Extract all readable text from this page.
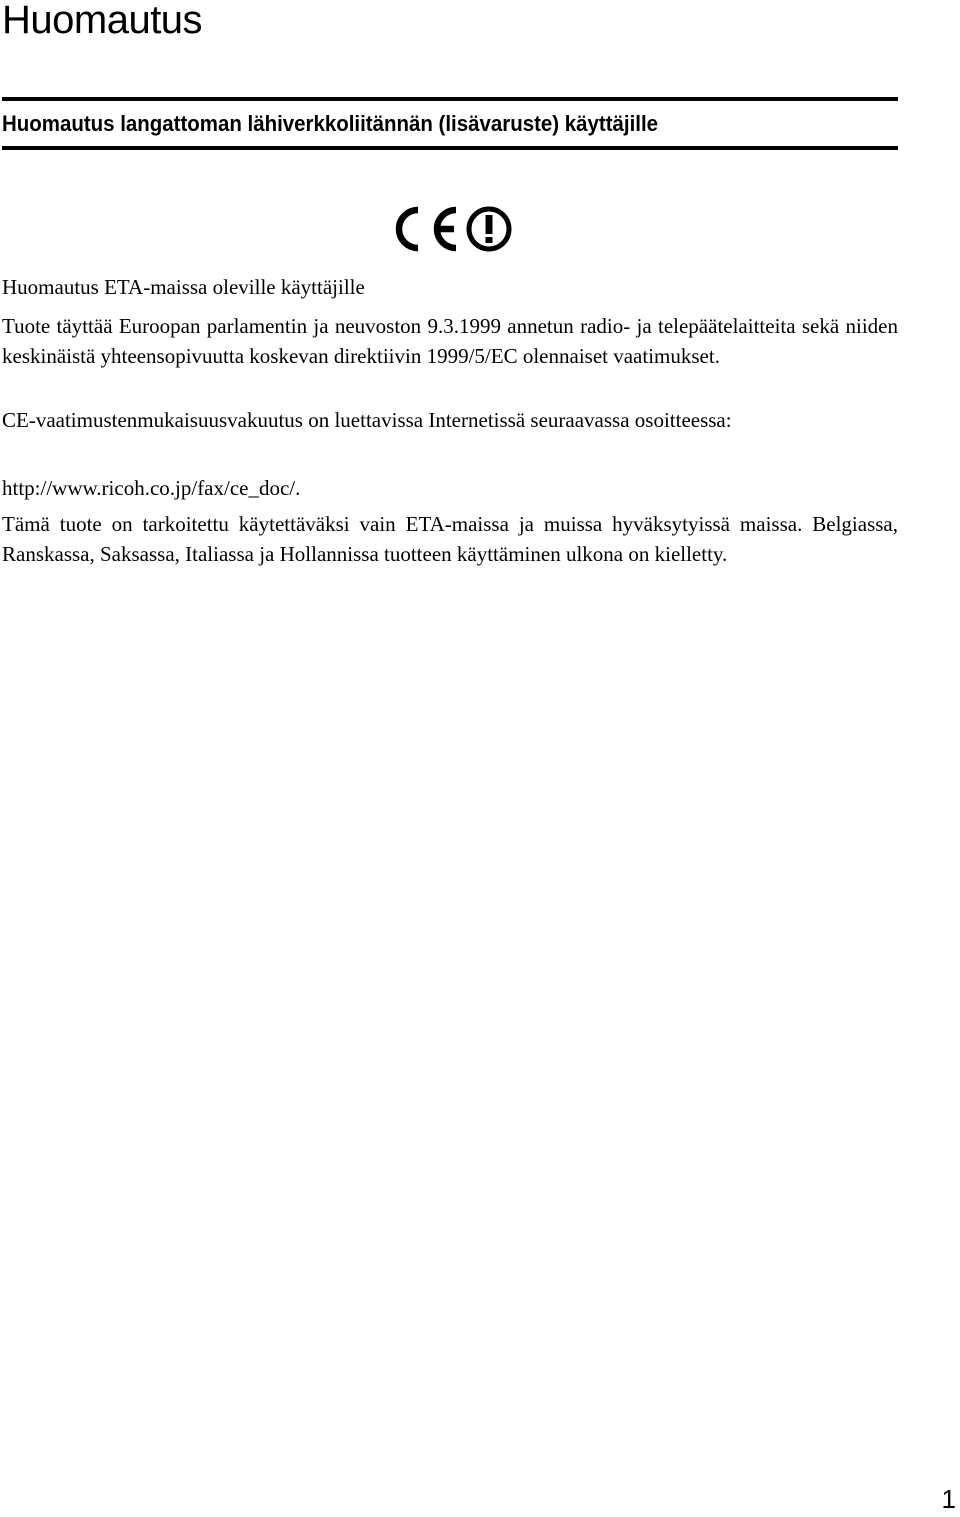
Huomautus
Huomautus langattoman lähiverkkoliitännän (lisävaruste) käyttäjille

Huomautus ETA-maissa oleville käyttäjille

Tuote täyttää Euroopan parlamentin ja neuvoston 9.3.1999 annetun radio- ja telepäätelaitteita sekä niiden keskinäistä yhteensopivuutta koskevan direktiivin 1999/5/EC olennaiset vaatimukset.

CE-vaatimustenmukaisuusvakuutus on luettavissa Internetissä seuraavassa osoitteessa:

http://www.ricoh.co.jp/fax/ce_doc/.

Tämä tuote on tarkoitettu käytettäväksi vain ETA-maissa ja muissa hyväksytyissä maissa. Belgiassa, Ranskassa, Saksassa, Italiassa ja Hollannissa tuotteen käyttäminen ulkona on kielletty.

1
